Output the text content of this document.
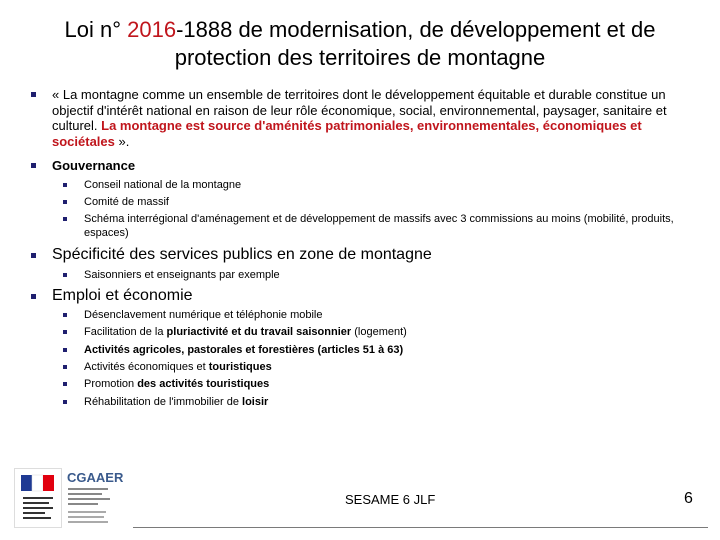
Loi n° 2016-1888 de modernisation, de développement et de protection des territoires de montagne
« La montagne comme un ensemble de territoires dont le développement équitable et durable constitue un objectif d'intérêt national en raison de leur rôle économique, social, environnemental, paysager, sanitaire et culturel. La montagne est source d'aménités patrimoniales, environnementales, économiques et sociétales ».
Gouvernance
Conseil national de la montagne
Comité de massif
Schéma interrégional d'aménagement et de développement de massifs avec 3 commissions au moins (mobilité, produits, espaces)
Spécificité des services publics en zone de montagne
Saisonniers et enseignants par exemple
Emploi et économie
Désenclavement numérique et téléphonie mobile
Facilitation de la pluriactivité et du travail saisonnier (logement)
Activités agricoles, pastorales et forestières (articles 51 à 63)
Activités économiques et touristiques
Promotion des activités touristiques
Réhabilitation de l'immobilier de loisir
CGAAER
SESAME 6 JLF	6
